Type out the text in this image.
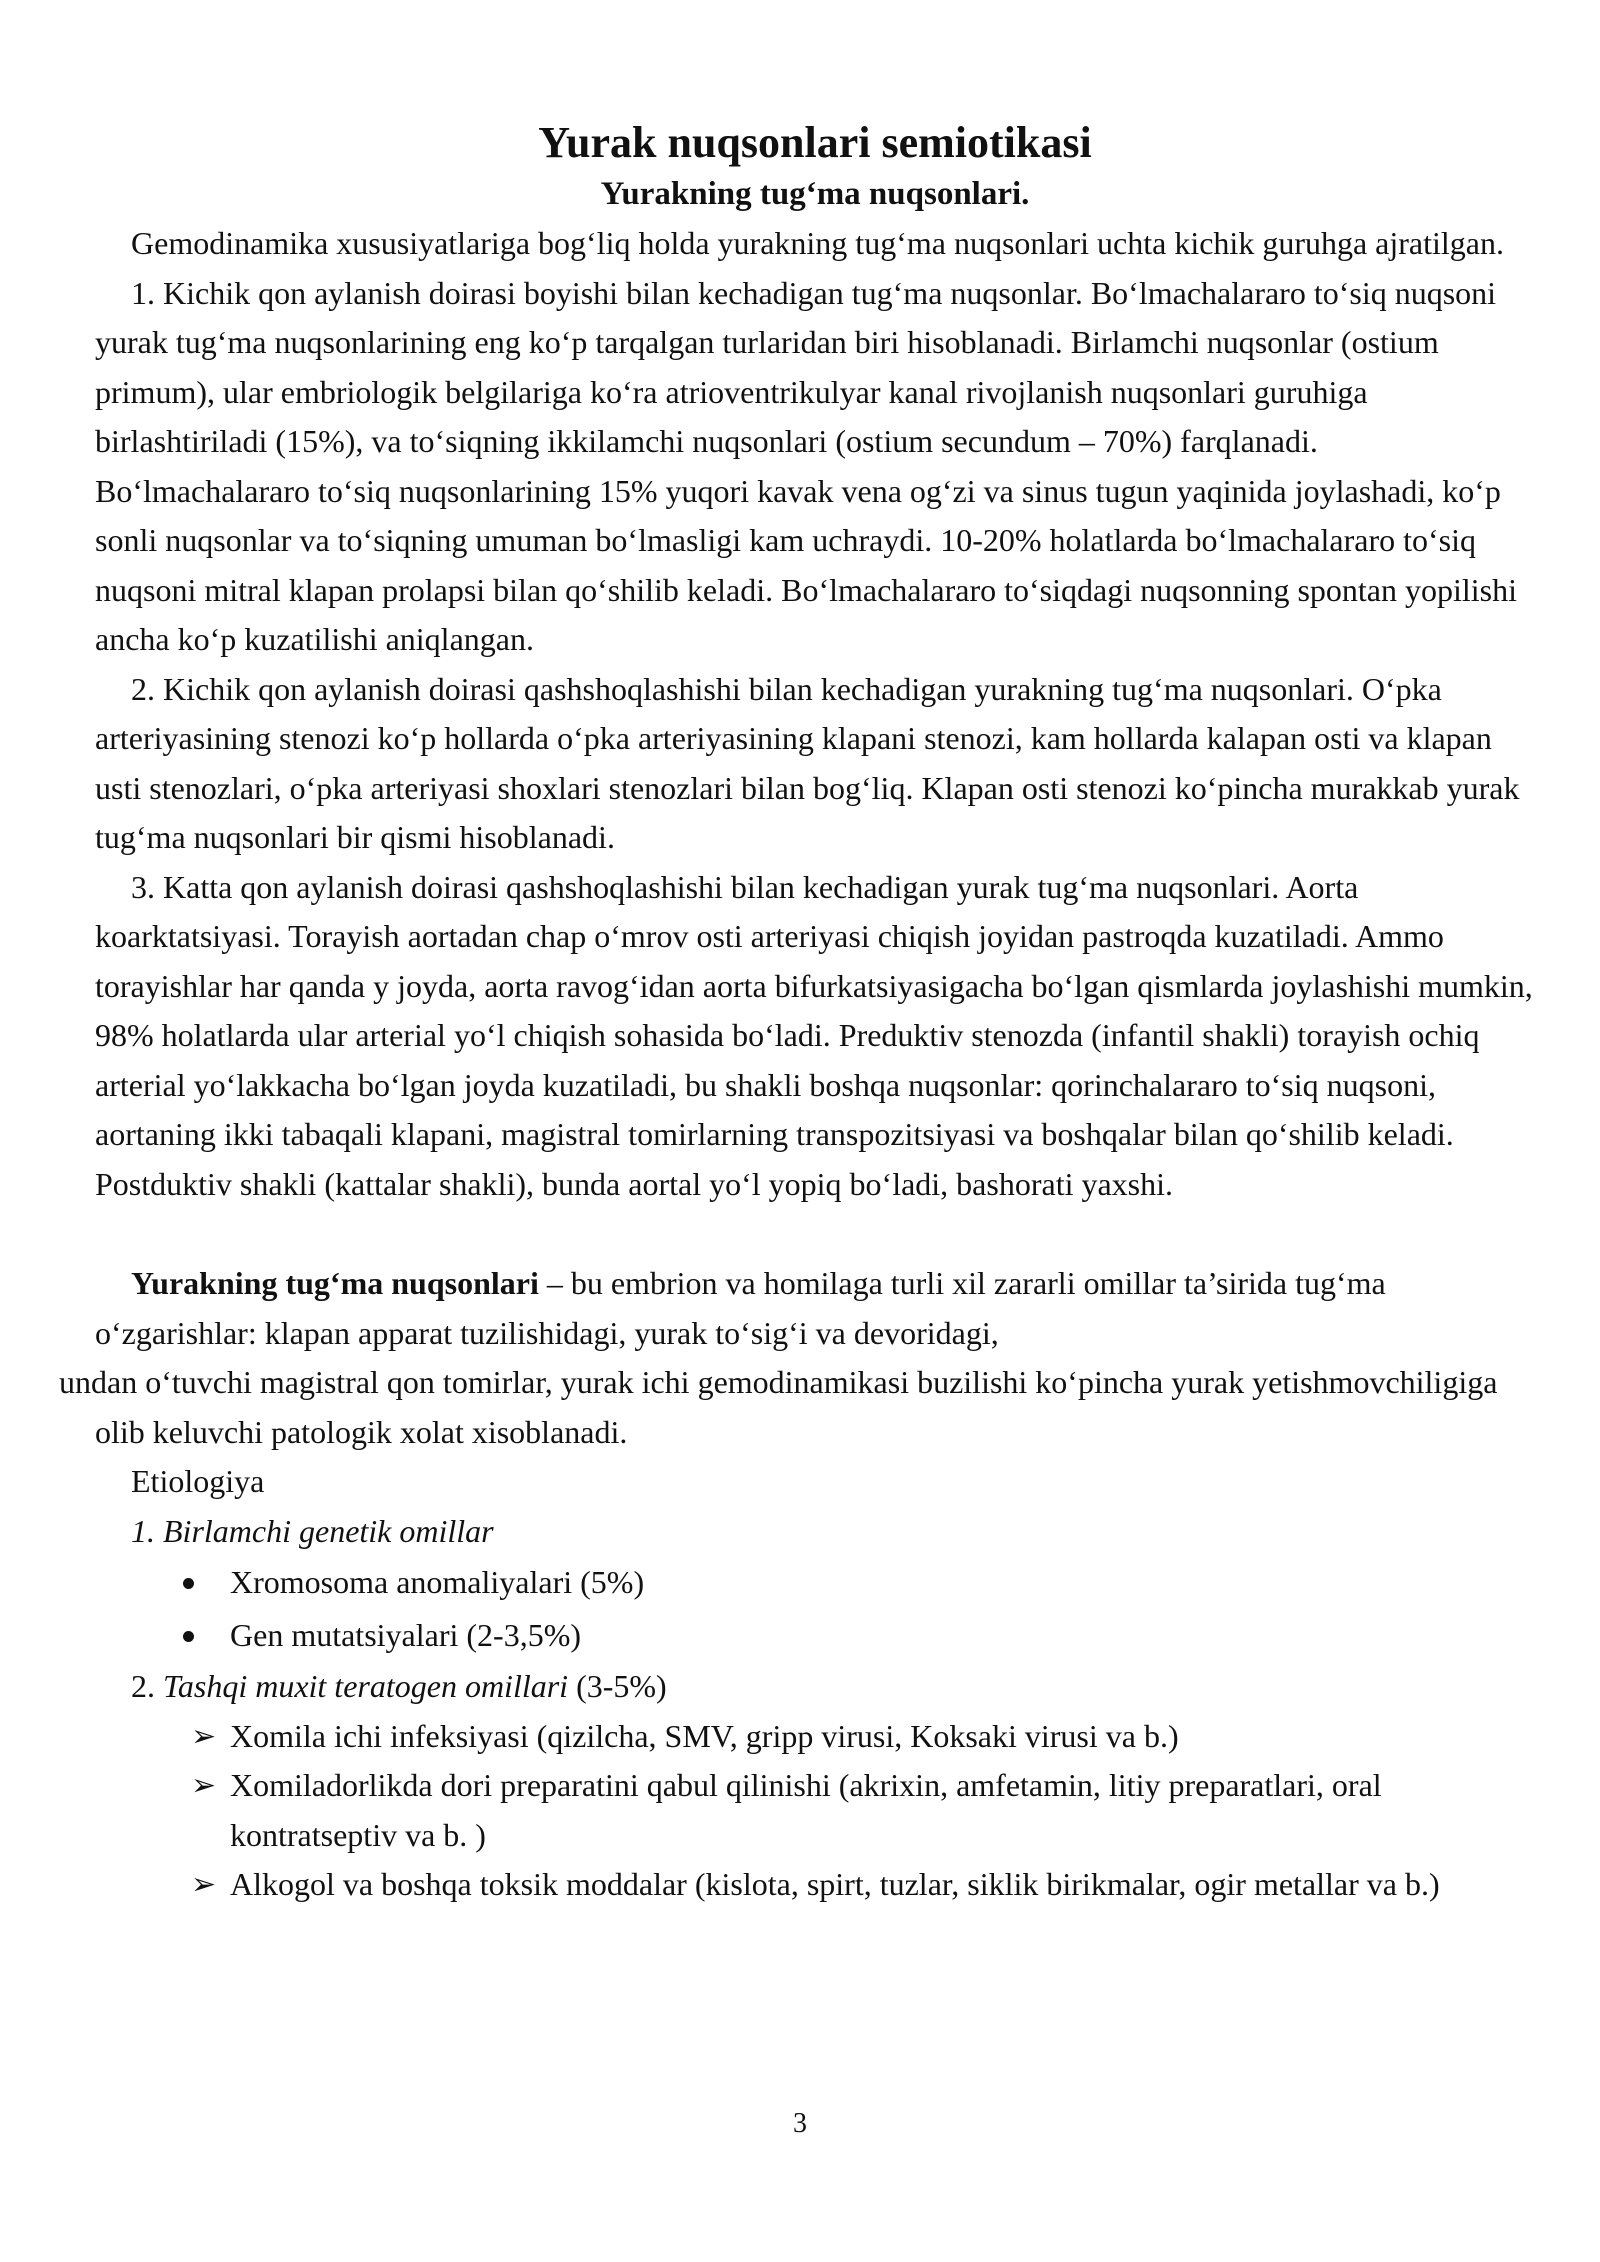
Yurak nuqsonlari semiotikasi
Yurakning tug‘ma nuqsonlari.

Gemodinamika xususiyatlariga bog‘liq holda yurakning tug‘ma nuqsonlari uchta kichik guruhga ajratilgan.

1. Kichik qon aylanish doirasi boyishi bilan kechadigan tug‘ma nuqsonlar. Bo‘lmachalararo to‘siq nuqsoni yurak tug‘ma nuqsonlarining eng ko‘p tarqalgan turlaridan biri hisoblanadi. Birlamchi nuqsonlar (ostium primum), ular embriologik belgilariga ko‘ra atrioventrikulyar kanal rivojlanish nuqsonlari guruhiga birlashtiriladi (15%), va to‘siqning ikkilamchi nuqsonlari (ostium secundum – 70%) farqlanadi. Bo‘lmachalararo to‘siq nuqsonlarining 15% yuqori kavak vena og‘zi va sinus tugun yaqinida joylashadi, ko‘p sonli nuqsonlar va to‘siqning umuman bo‘lmasligi kam uchraydi. 10-20% holatlarda bo‘lmachalararo to‘siq nuqsoni mitral klapan prolapsi bilan qo‘shilib keladi. Bo‘lmachalararo to‘siqdagi nuqsonning spontan yopilishi ancha ko‘p kuzatilishi aniqlangan.

2. Kichik qon aylanish doirasi qashshoqlashishi bilan kechadigan yurakning tug‘ma nuqsonlari. O‘pka arteriyasining stenozi ko‘p hollarda o‘pka arteriyasining klapani stenozi, kam hollarda kalapan osti va klapan usti stenozlari, o‘pka arteriyasi shoxlari stenozlari bilan bog‘liq. Klapan osti stenozi ko‘pincha murakkab yurak tug‘ma nuqsonlari bir qismi hisoblanadi.

3. Katta qon aylanish doirasi qashshoqlashishi bilan kechadigan yurak tug‘ma nuqsonlari. Aorta koarktatsiyasi. Torayish aortadan chap o‘mrov osti arteriyasi chiqish joyidan pastroqda kuzatiladi. Ammo torayishlar har qanda y joyda, aorta ravog‘idan aorta bifurkatsiyasigacha bo‘lgan qismlarda joylashishi mumkin, 98% holatlarda ular arterial yo‘l chiqish sohasida bo‘ladi. Preduktiv stenozda (infantil shakli) torayish ochiq arterial yo‘lakkacha bo‘lgan joyda kuzatiladi, bu shakli boshqa nuqsonlar: qorinchalararo to‘siq nuqsoni, aortaning ikki tabaqali klapani, magistral tomirlarning transpozitsiyasi va boshqalar bilan qo‘shilib keladi. Postduktiv shakli (kattalar shakli), bunda aortal yo‘l yopiq bo‘ladi, bashorati yaxshi.

Yurakning tug‘ma nuqsonlari – bu embrion va homilaga turli xil zararli omillar ta’sirida tug‘ma o‘zgarishlar: klapan apparat tuzilishidagi, yurak to‘sig‘i va devoridagi,
undan o‘tuvchi magistral qon tomirlar, yurak ichi gemodinamikasi buzilishi ko‘pincha yurak yetishmovchiligiga olib keluvchi patologik xolat xisoblanadi.

Etiologiya
1. Birlamchi genetik omillar
Xromosoma anomaliyalari (5%)
Gen mutatsiyalari (2-3,5%)
2. Tashqi muxit teratogen omillari (3-5%)
➢ Xomila ichi infeksiyasi (qizilcha, SMV, gripp virusi, Koksaki virusi va b.)
➢ Xomiladorlikda dori preparatini qabul qilinishi (akrixin, amfetamin, litiy preparatlari, oral kontratseptiv va b. )
➢ Alkogol va boshqa toksik moddalar (kislota, spirt, tuzlar, siklik birikmalar, ogir metallar va b.)
3
